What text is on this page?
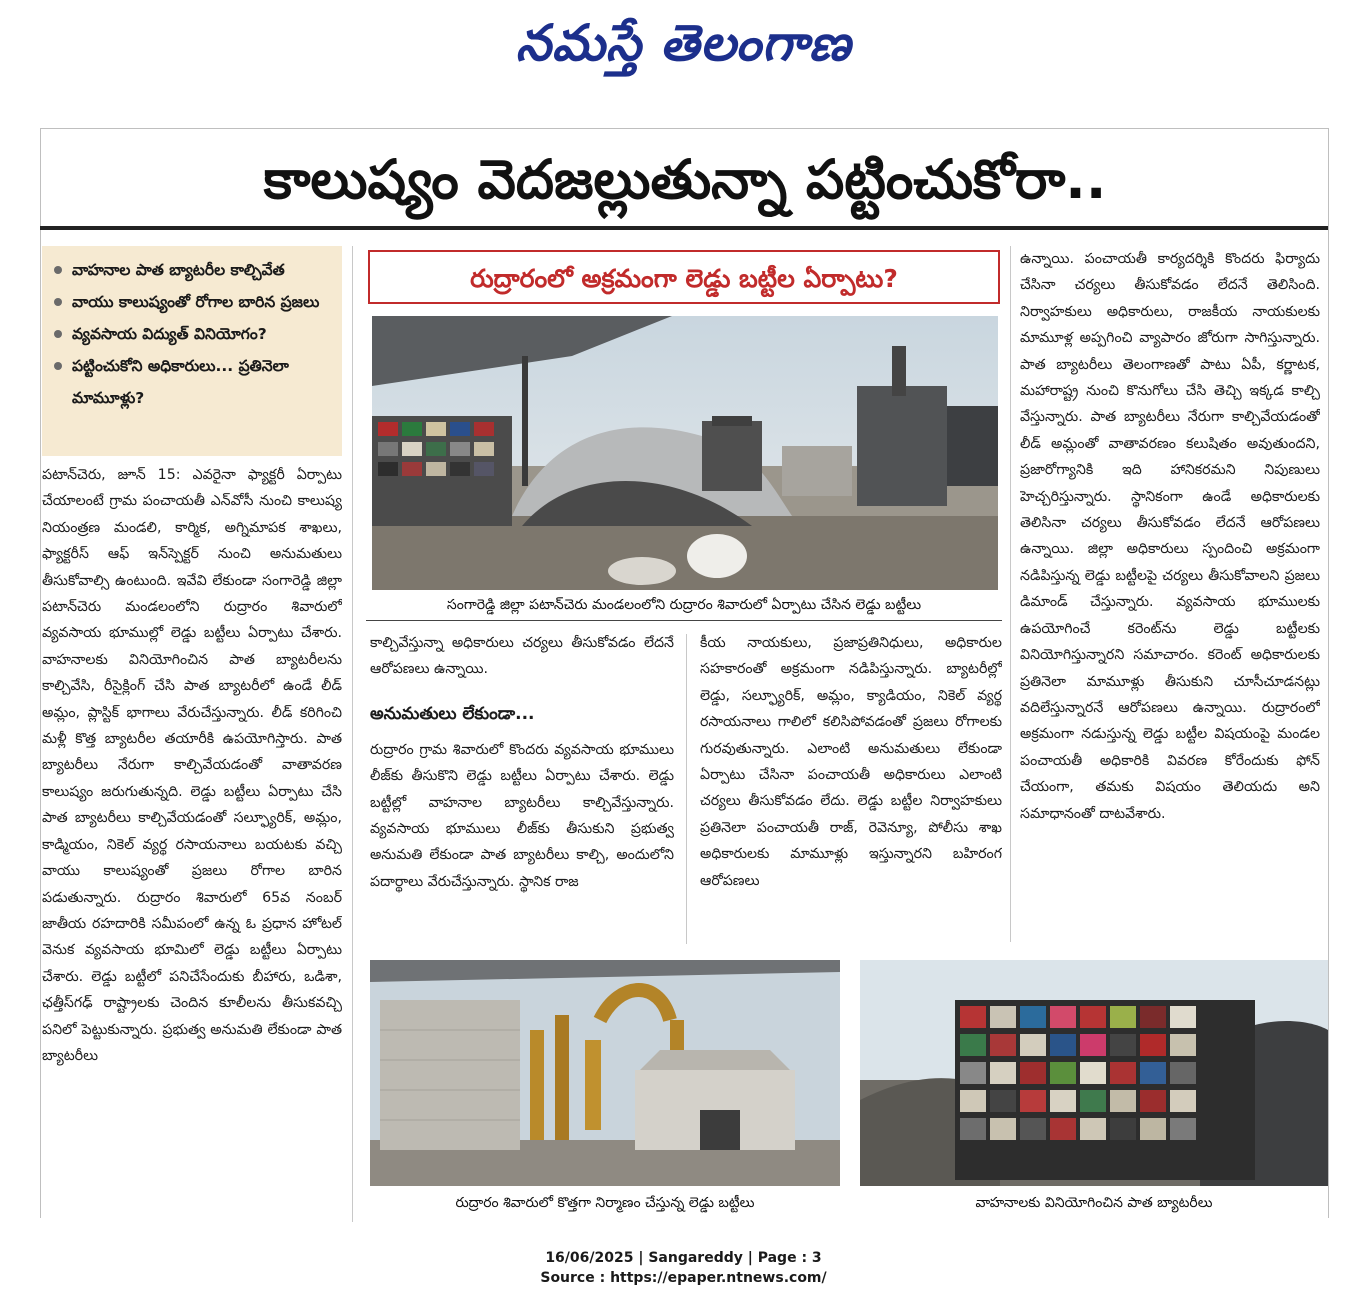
నమస్తే తెలంగాణ
కాలుష్యం వెదజల్లుతున్నా పట్టించుకోరా..
వాహనాల పాత బ్యాటరీల కాల్చివేత
వాయు కాలుష్యంతో రోగాల బారిన ప్రజలు
వ్యవసాయ విద్యుత్ వినియోగం?
పట్టించుకోని అధికారులు... ప్రతినెలా మామూళ్లు?

పటాన్‌చెరు, జూన్ 15: ఎవరైనా ఫ్యాక్టరీ ఏర్పాటు చేయాలంటే గ్రామ పంచాయతీ ఎన్‌వోసీ నుంచి కాలుష్య నియంత్రణ మండలి, కార్మిక, అగ్నిమాపక శాఖలు, ఫ్యాక్టరీస్ ఆఫ్ ఇన్‌స్పెక్టర్ నుంచి అనుమతులు తీసుకోవాల్సి ఉంటుంది. ఇవేవి లేకుండా సంగారెడ్డి జిల్లా పటాన్‌చెరు మండలంలోని రుద్రారం శివారులో వ్యవసాయ భూముల్లో లెడ్డు బట్టీలు ఏర్పాటు చేశారు. వాహనాలకు వినియోగించిన పాత బ్యాటరీలను కాల్చివేసి, రీసైక్లింగ్ చేసి పాత బ్యాటరీలో ఉండే లీడ్ అమ్లం, ప్లాస్టిక్ భాగాలు వేరుచేస్తున్నారు. లీడ్ కరిగించి మళ్లీ కొత్త బ్యాటరీల తయారీకి ఉపయోగిస్తారు. పాత బ్యాటరీలు నేరుగా కాల్చివేయడంతో వాతావరణ కాలుష్యం జరుగుతున్నది. లెడ్డు బట్టీలు ఏర్పాటు చేసి పాత బ్యాటరీలు కాల్చివేయడంతో సల్ఫ్యూరిక్, అమ్లం, కాడ్మియం, నికెల్ వ్యర్థ రసాయనాలు బయటకు వచ్చి వాయు కాలుష్యంతో ప్రజలు రోగాల బారిన పడుతున్నారు. రుద్రారం శివారులో 65వ నంబర్ జాతీయ రహదారికి సమీపంలో ఉన్న ఓ ప్రధాన హోటల్ వెనుక వ్యవసాయ భూమిలో లెడ్డు బట్టీలు ఏర్పాటు చేశారు. లెడ్డు బట్టీలో పనిచేసేందుకు బీహారు, ఒడిశా, ఛత్తీస్‌గఢ్ రాష్ట్రాలకు చెందిన కూలీలను తీసుకవచ్చి పనిలో పెట్టుకున్నారు. ప్రభుత్వ అనుమతి లేకుండా పాత బ్యాటరీలు

రుద్రారంలో అక్రమంగా లెడ్డు బట్టీల ఏర్పాటు?
సంగారెడ్డి జిల్లా పటాన్‌చెరు మండలంలోని రుద్రారం శివారులో ఏర్పాటు చేసిన లెడ్డు బట్టీలు

కాల్చివేస్తున్నా అధికారులు చర్యలు తీసుకోవడం లేదనే ఆరోపణలు ఉన్నాయి.

అనుమతులు లేకుండా...

రుద్రారం గ్రామ శివారులో కొందరు వ్యవసాయ భూములు లీజ్‌కు తీసుకొని లెడ్డు బట్టీలు ఏర్పాటు చేశారు. లెడ్డు బట్టీల్లో వాహనాల బ్యాటరీలు కాల్చివేస్తున్నారు. వ్యవసాయ భూములు లీజ్‌కు తీసుకుని ప్రభుత్వ అనుమతి లేకుండా పాత బ్యాటరీలు కాల్చి, అందులోని పదార్థాలు వేరుచేస్తున్నారు. స్థానిక రాజ

కీయ నాయకులు, ప్రజాప్రతినిధులు, అధికారుల సహకారంతో అక్రమంగా నడిపిస్తున్నారు. బ్యాటరీల్లో లెడ్డు, సల్ఫ్యూరిక్, అమ్లం, క్యాడియం, నికెల్ వ్యర్థ రసాయనాలు గాలిలో కలిసిపోవడంతో ప్రజలు రోగాలకు గురవుతున్నారు. ఎలాంటి అనుమతులు లేకుండా ఏర్పాటు చేసినా పంచాయతీ అధికారులు ఎలాంటి చర్యలు తీసుకోవడం లేదు. లెడ్డు బట్టీల నిర్వాహకులు ప్రతినెలా పంచాయతీ రాజ్, రెవెన్యూ, పోలీసు శాఖ అధికారులకు మామూళ్లు ఇస్తున్నారని బహిరంగ ఆరోపణలు

ఉన్నాయి. పంచాయతీ కార్యదర్శికి కొందరు ఫిర్యాదు చేసినా చర్యలు తీసుకోవడం లేదనే తెలిసింది. నిర్వాహకులు అధికారులు, రాజకీయ నాయకులకు మామూళ్ల అప్పగించి వ్యాపారం జోరుగా సాగిస్తున్నారు. పాత బ్యాటరీలు తెలంగాణతో పాటు ఏపీ, కర్ణాటక, మహారాష్ట్ర నుంచి కొనుగోలు చేసి తెచ్చి ఇక్కడ కాల్చి వేస్తున్నారు. పాత బ్యాటరీలు నేరుగా కాల్చివేయడంతో లీడ్ అమ్లంతో వాతావరణం కలుషితం అవుతుందని, ప్రజారోగ్యానికి ఇది హానికరమని నిపుణులు హెచ్చరిస్తున్నారు. స్థానికంగా ఉండే అధికారులకు తెలిసినా చర్యలు తీసుకోవడం లేదనే ఆరోపణలు ఉన్నాయి. జిల్లా అధికారులు స్పందించి అక్రమంగా నడిపిస్తున్న లెడ్డు బట్టీలపై చర్యలు తీసుకోవాలని ప్రజలు డిమాండ్ చేస్తున్నారు. వ్యవసాయ భూములకు ఉపయోగించే కరెంట్‌ను లెడ్డు బట్టీలకు వినియోగిస్తున్నారని సమాచారం. కరెంట్ అధికారులకు ప్రతినెలా మామూళ్లు తీసుకుని చూసీచూడనట్లు వదిలేస్తున్నారనే ఆరోపణలు ఉన్నాయి. రుద్రారంలో అక్రమంగా నడుస్తున్న లెడ్డు బట్టీల విషయంపై మండల పంచాయతీ అధికారికి వివరణ కోరేందుకు ఫోన్ చేయంగా, తమకు విషయం తెలియదు అని సమాధానంతో దాటవేశారు.

రుద్రారం శివారులో కొత్తగా నిర్మాణం చేస్తున్న లెడ్డు బట్టీలు	వాహనాలకు వినియోగించిన పాత బ్యాటరీలు
16/06/2025 | Sangareddy | Page : 3
Source : https://epaper.ntnews.com/
